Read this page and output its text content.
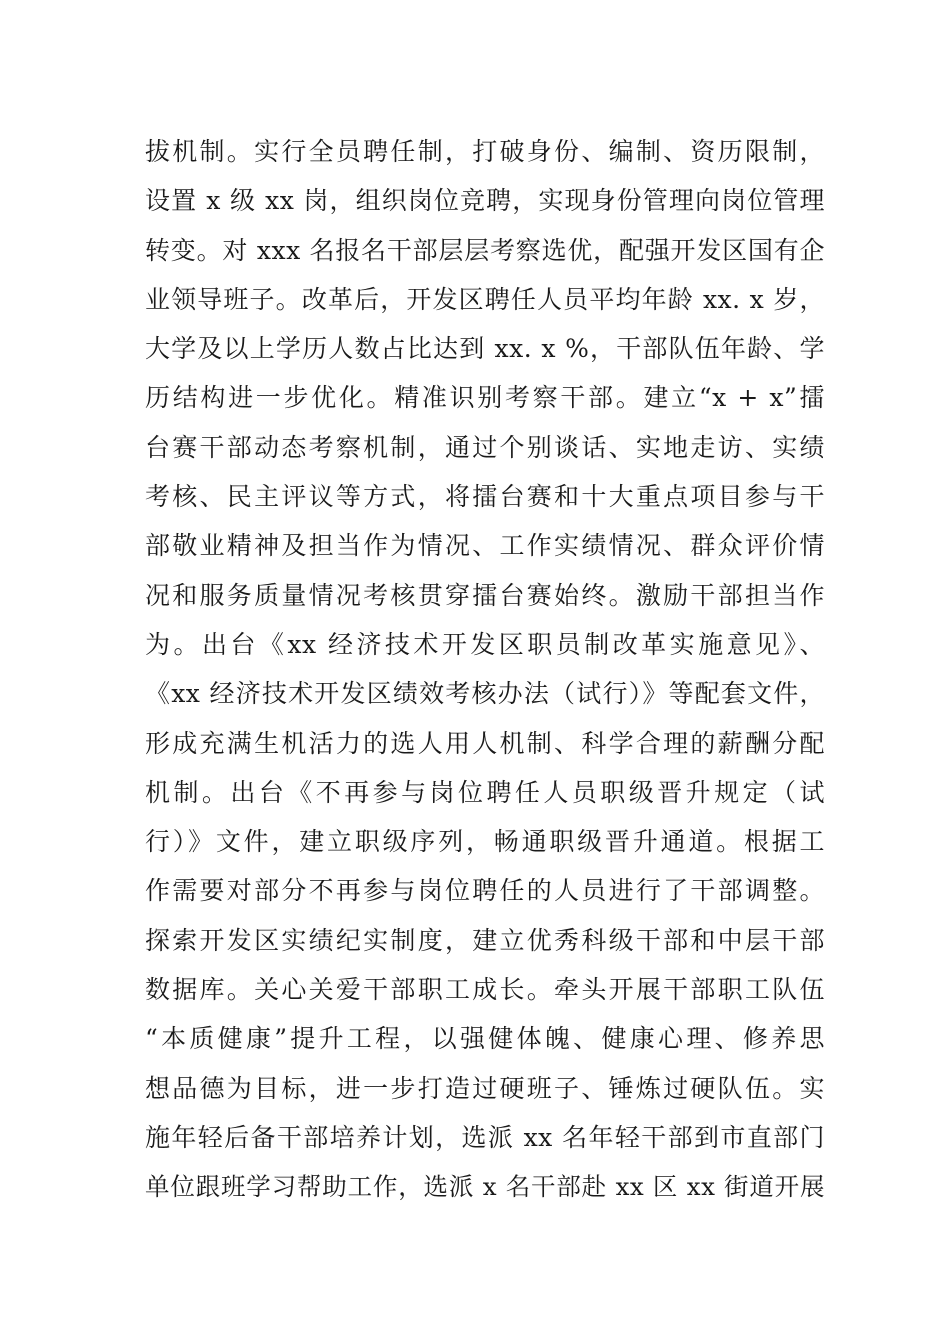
拔机制。实行全员聘任制，打破身份、编制、资历限制，
设置 x 级 xx 岗，组织岗位竞聘，实现身份管理向岗位管理
转变。对 xxx 名报名干部层层考察选优，配强开发区国有企
业领导班子。改革后，开发区聘任人员平均年龄 xx. x 岁，
大学及以上学历人数占比达到 xx. x %，干部队伍年龄、学
历结构进一步优化。精准识别考察干部。建立“x + x”擂
台赛干部动态考察机制，通过个别谈话、实地走访、实绩
考核、民主评议等方式，将擂台赛和十大重点项目参与干
部敬业精神及担当作为情况、工作实绩情况、群众评价情
况和服务质量情况考核贯穿擂台赛始终。激励干部担当作
为。出台《xx 经济技术开发区职员制改革实施意见》、
《xx 经济技术开发区绩效考核办法（试行）》等配套文件，
形成充满生机活力的选人用人机制、科学合理的薪酬分配
机制。出台《不再参与岗位聘任人员职级晋升规定（试
行）》文件，建立职级序列，畅通职级晋升通道。根据工
作需要对部分不再参与岗位聘任的人员进行了干部调整。
探索开发区实绩纪实制度，建立优秀科级干部和中层干部
数据库。关心关爱干部职工成长。牵头开展干部职工队伍
“本质健康”提升工程，以强健体魄、健康心理、修养思
想品德为目标，进一步打造过硬班子、锤炼过硬队伍。实
施年轻后备干部培养计划，选派 xx 名年轻干部到市直部门
单位跟班学习帮助工作，选派 x 名干部赴 xx 区 xx 街道开展
